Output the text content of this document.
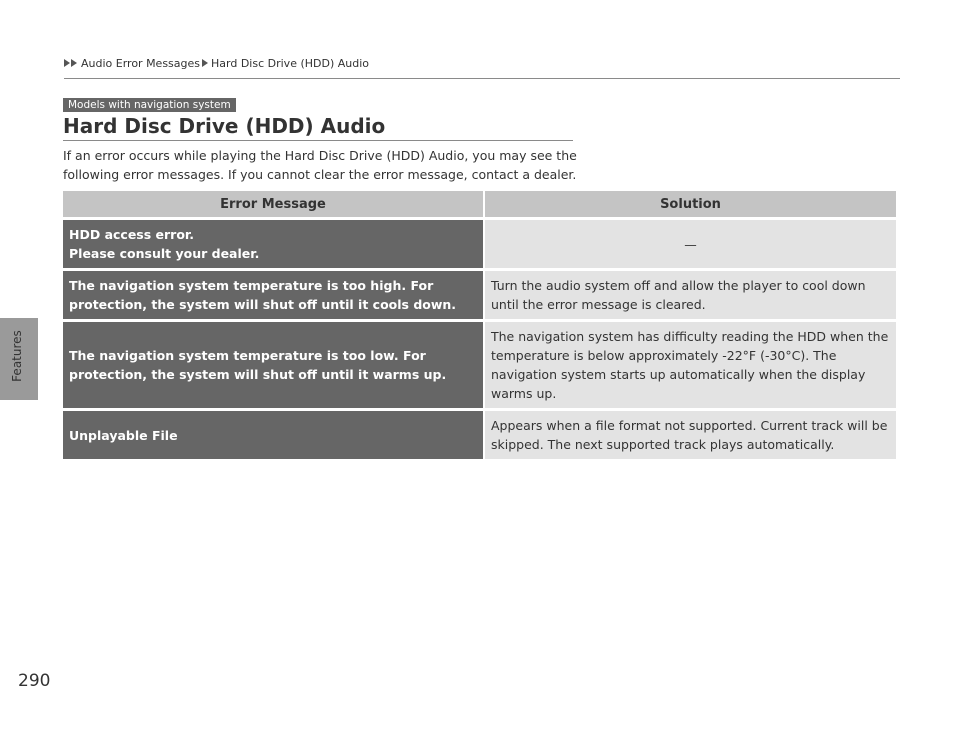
Features
Audio Error Messages Hard Disc Drive (HDD) Audio
Models with navigation system
Hard Disc Drive (HDD) Audio
If an error occurs while playing the Hard Disc Drive (HDD) Audio, you may see the following error messages. If you cannot clear the error message, contact a dealer.
Error Message	Solution
HDD access error.
Please consult your dealer.	—
The navigation system temperature is too high. For protection, the system will shut off until it cools down.	Turn the audio system off and allow the player to cool down until the error message is cleared.
The navigation system temperature is too low. For protection, the system will shut off until it warms up.	The navigation system has difficulty reading the HDD when the temperature is below approximately -22°F (-30°C). The navigation system starts up automatically when the display warms up.
Unplayable File	Appears when a file format not supported. Current track will be skipped. The next supported track plays automatically.
290
